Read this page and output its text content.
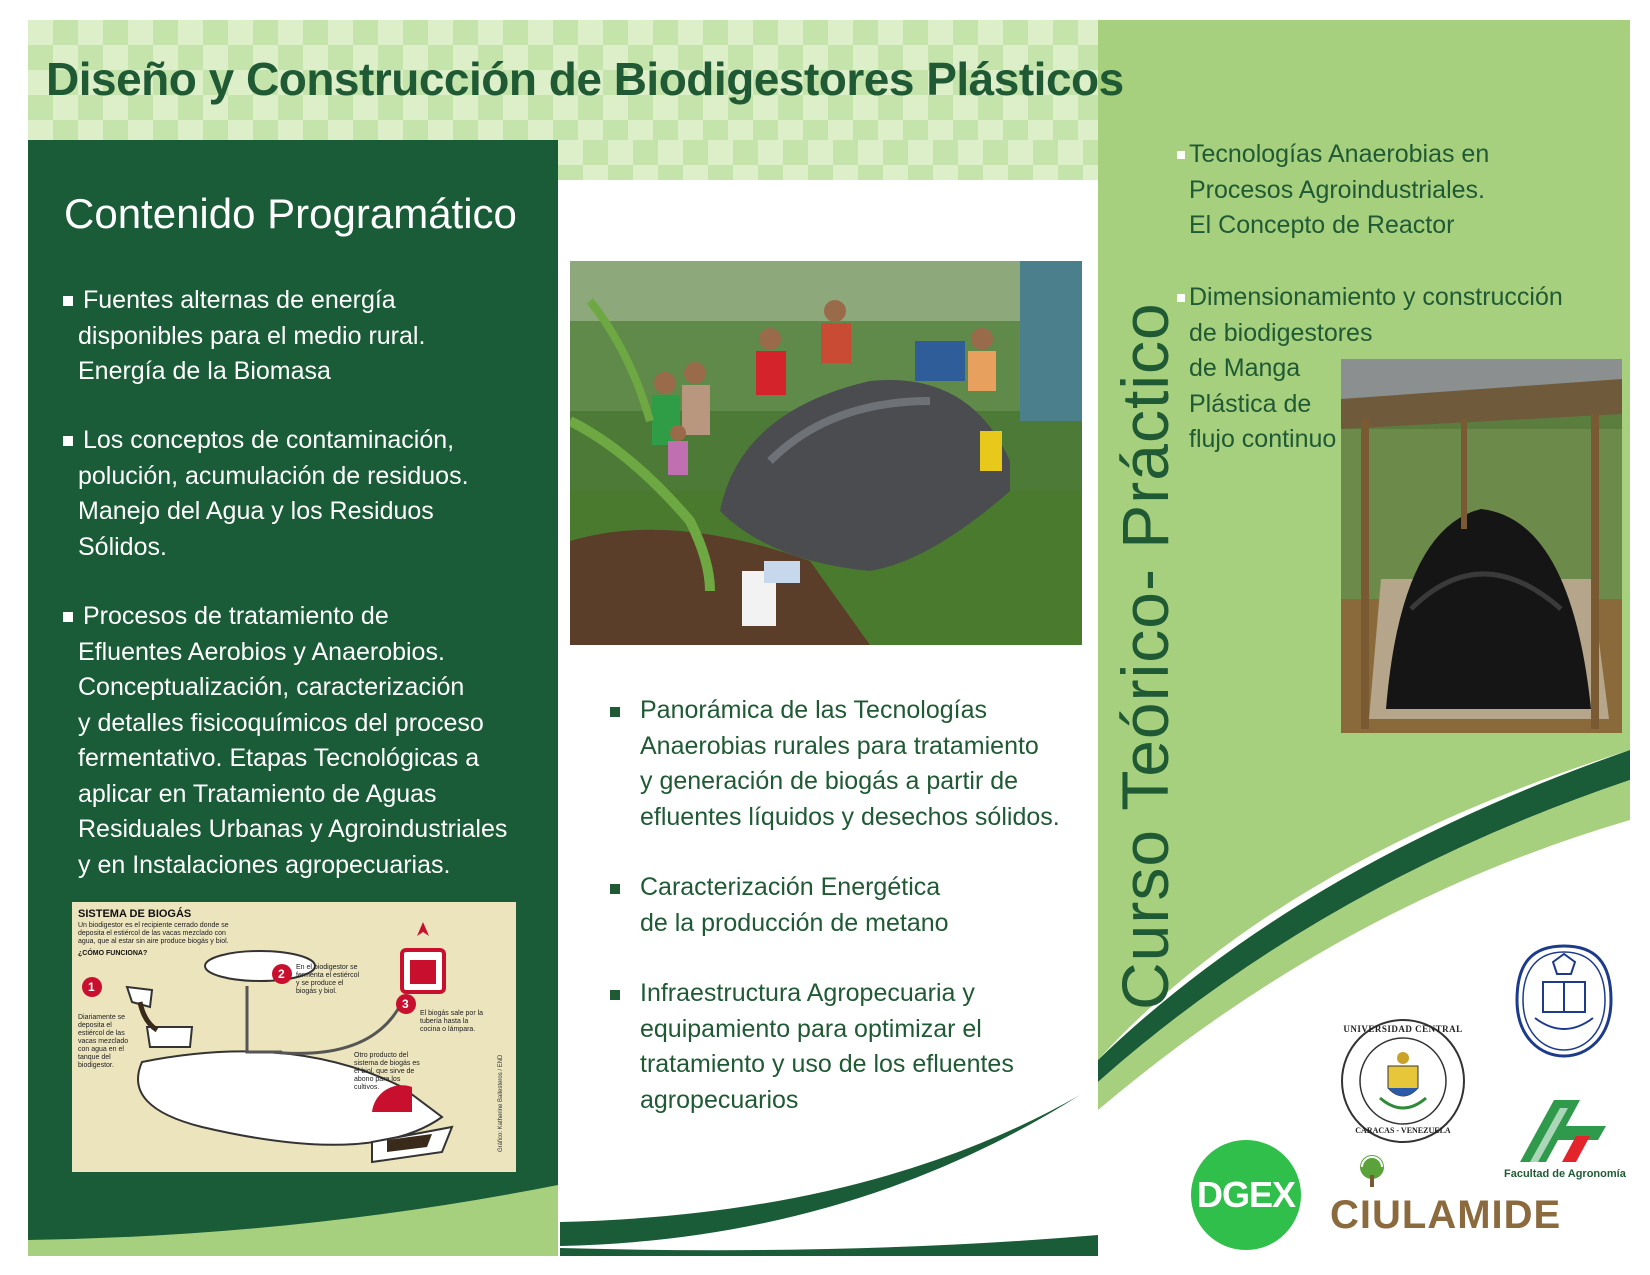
Diseño y Construcción de Biodigestores Plásticos
Contenido Programático
Fuentes alternas de energía
disponibles para el medio rural.
Energía de la Biomasa
Los conceptos de contaminación,
polución, acumulación de residuos.
Manejo del Agua y los Residuos
Sólidos.
Procesos de tratamiento de
Efluentes Aerobios y Anaerobios.
Conceptualización, caracterización
y detalles fisicoquímicos del proceso
fermentativo. Etapas Tecnológicas a
aplicar en Tratamiento de Aguas
Residuales Urbanas y Agroindustriales
y en Instalaciones agropecuarias.
SISTEMA DE BIOGÁS
Un biodigestor es el recipiente cerrado donde se
deposita el estiércol de las vacas mezclado con
agua, que al estar sin aire produce biogás y biol.
¿CÓMO FUNCIONA?
1
Diariamente se
deposita el
estiércol de las
vacas mezclado
con agua en el
tanque del
biodigestor.
2 En el biodigestor se
fermenta el estiércol
y se produce el
biogás y biol.
3
El biogás sale por la
tubería hasta la
cocina o lámpara.
Otro producto del
sistema de biogás es
el biol, que sirve de
abono para los
cultivos.	Gráfico: Katherine Ballesteros / END
Panorámica de las Tecnologías
Anaerobias rurales para tratamiento
y generación de biogás a partir de
efluentes líquidos y desechos sólidos.
Caracterización Energética
de la producción de metano
Infraestructura Agropecuaria y
equipamiento para optimizar el
tratamiento y uso de los efluentes
agropecuarios
Curso Teórico- Práctico
Tecnologías Anaerobias en
Procesos Agroindustriales.
El Concepto de Reactor
Dimensionamiento y construcción
de biodigestores
de Manga
Plástica de
flujo continuo
UNIVERSIDAD CENTRAL
CARACAS - VENEZUELA
Facultad de Agronomía
DGEX CIULAMIDE
